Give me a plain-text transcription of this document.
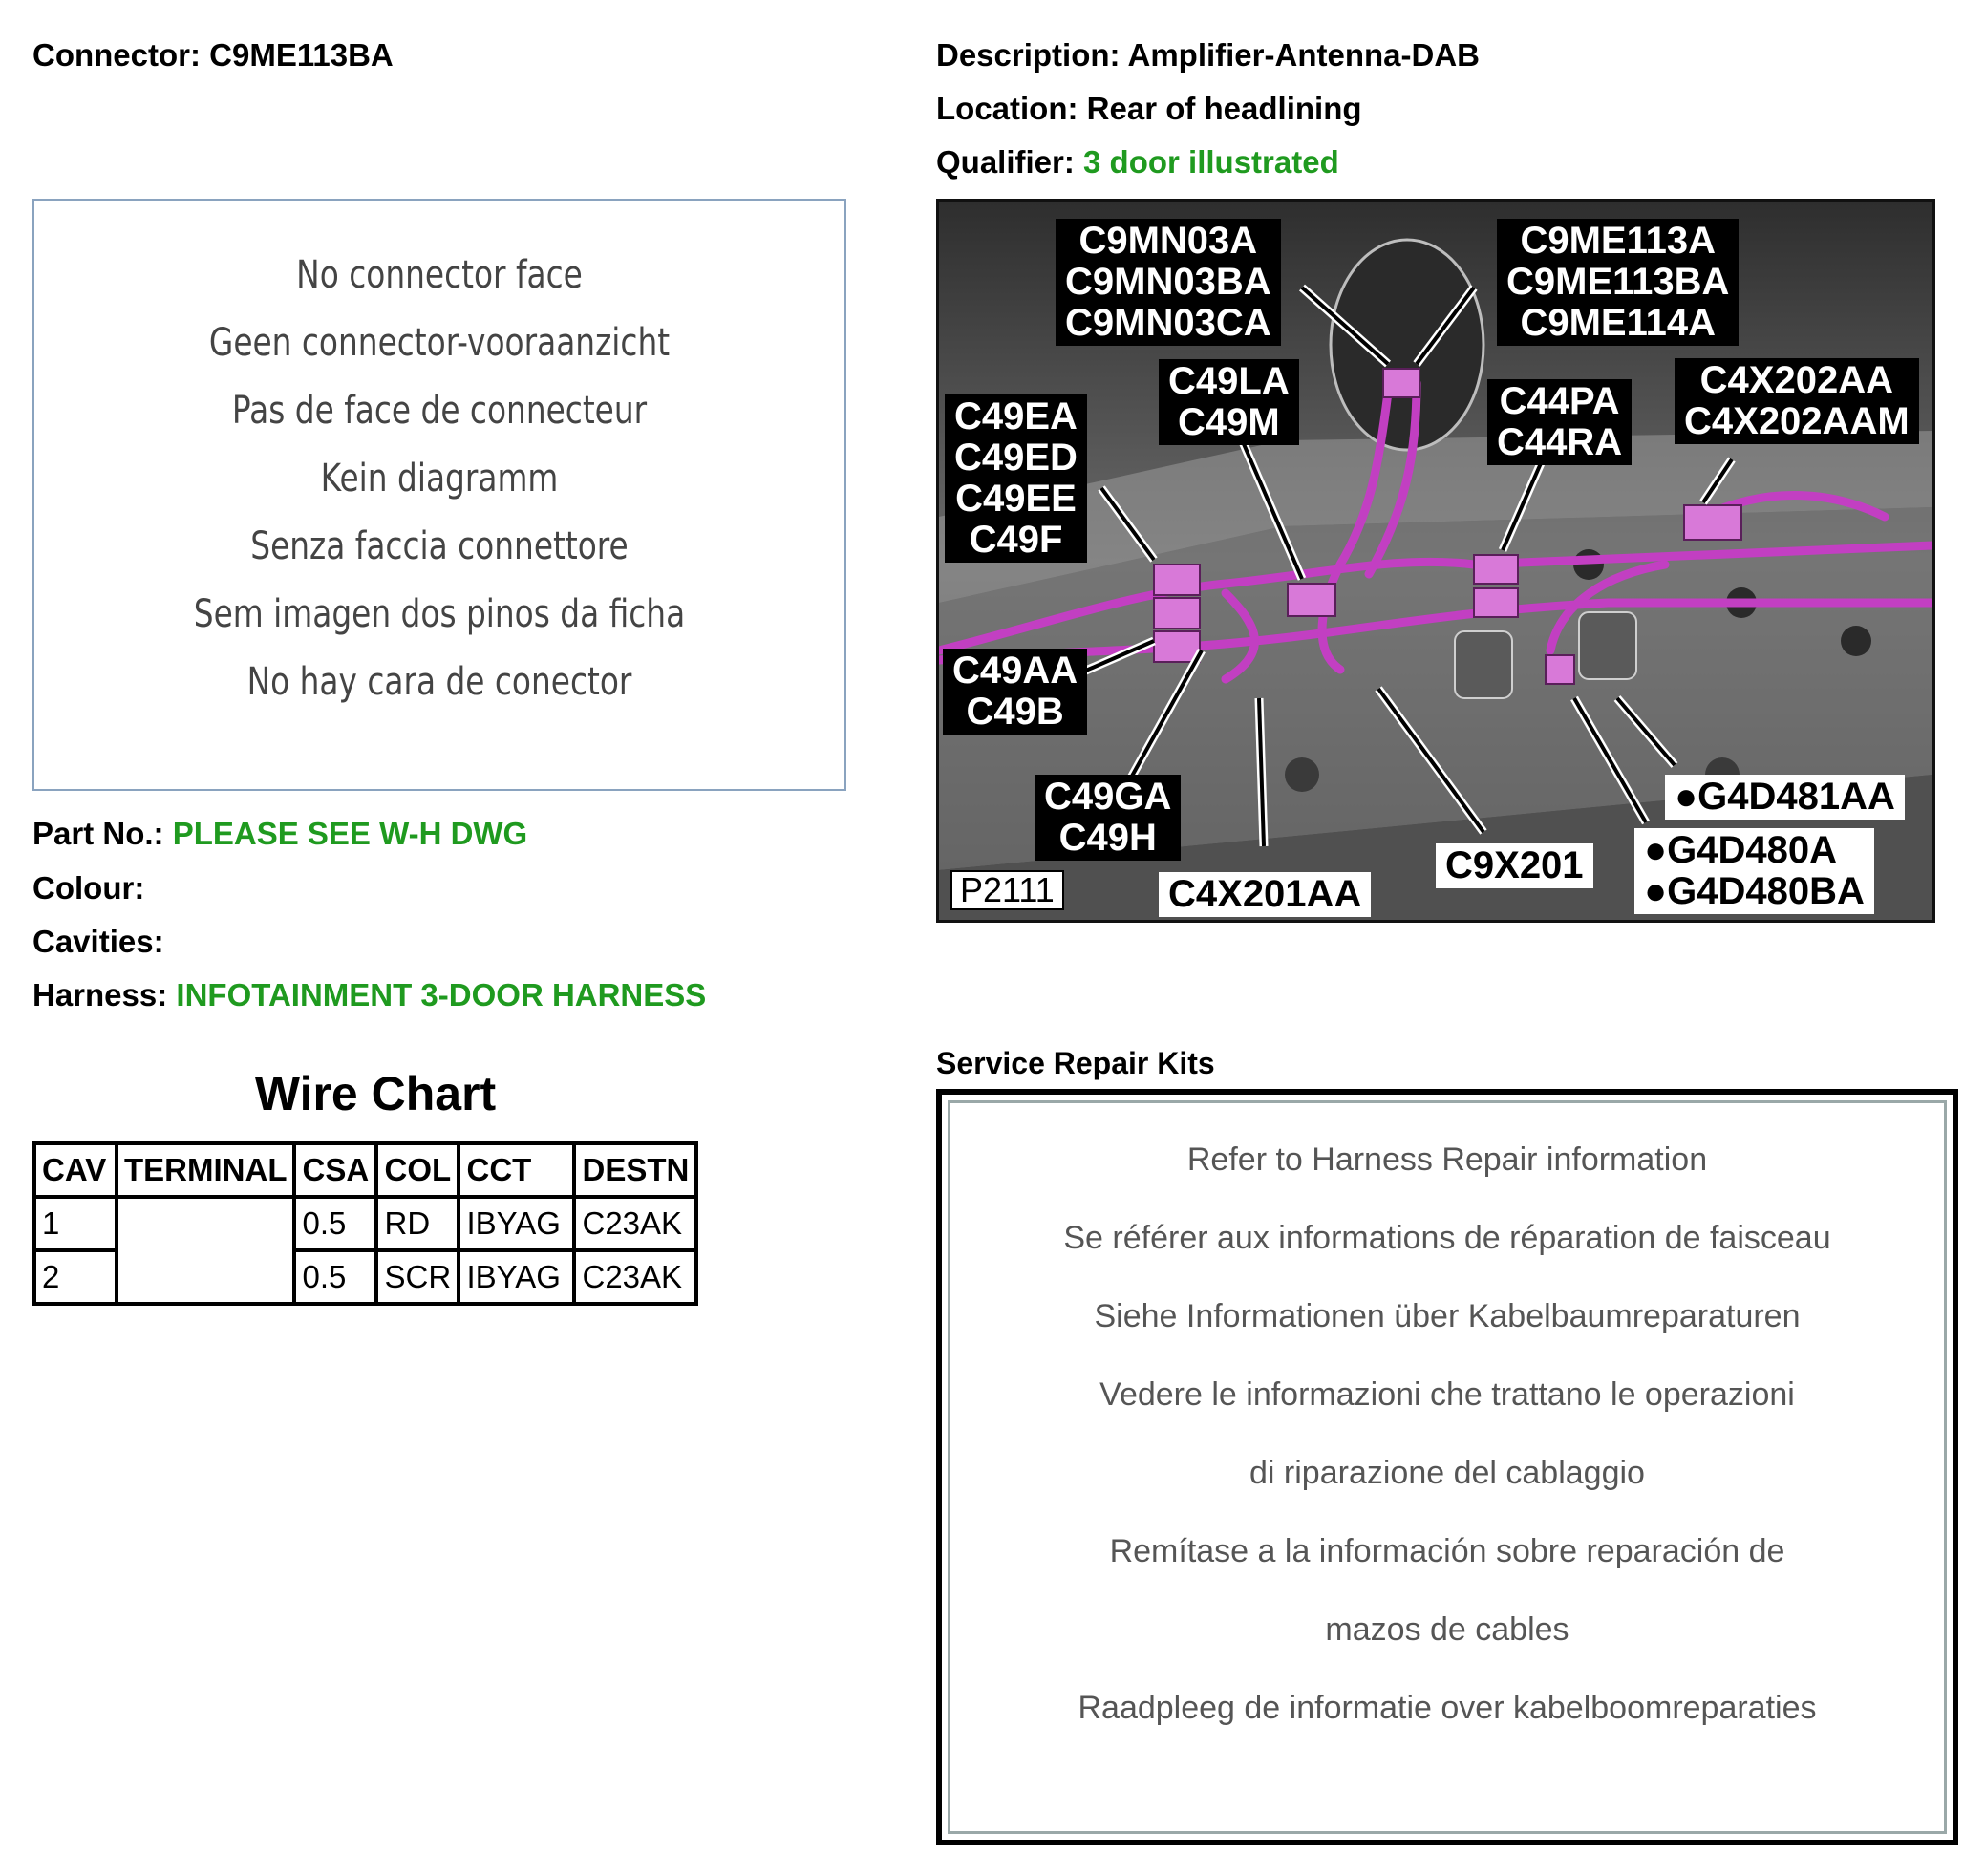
Connector: C9ME113BA	Description: Amplifier-Antenna-DAB
Location: Rear of headlining
Qualifier: 3 door illustrated
No connector face
Geen connector-vooraanzicht
Pas de face de connecteur
Kein diagramm
Senza faccia connettore
Sem imagen dos pinos da ficha
No hay cara de conector
Part No.: PLEASE SEE W-H DWG
Colour:
Cavities:
Harness: INFOTAINMENT 3-DOOR HARNESS
Wire Chart
CAV	TERMINAL	CSA	COL	CCT	DESTN
1		0.5	RD	IBYAG	C23AK
2		0.5	SCR	IBYAG	C23AK
C9MN03A
C9MN03BA
C9MN03CA
C9ME113A
C9ME113BA
C9ME114A
C49LA
C49M	C44PA
C44RA
C4X202AA
C4X202AAM
C49EA
C49ED
C49EE
C49F
C49AA
C49B
C49GA
C49H
P2111	C4X201AA
C9X201
●G4D481AA
●G4D480A
●G4D480BA
Service Repair Kits
Refer to Harness Repair information
Se référer aux informations de réparation de faisceau
Siehe Informationen über Kabelbaumreparaturen
Vedere le informazioni che trattano le operazioni
di riparazione del cablaggio
Remítase a la información sobre reparación de
mazos de cables
Raadpleeg de informatie over kabelboomreparaties
